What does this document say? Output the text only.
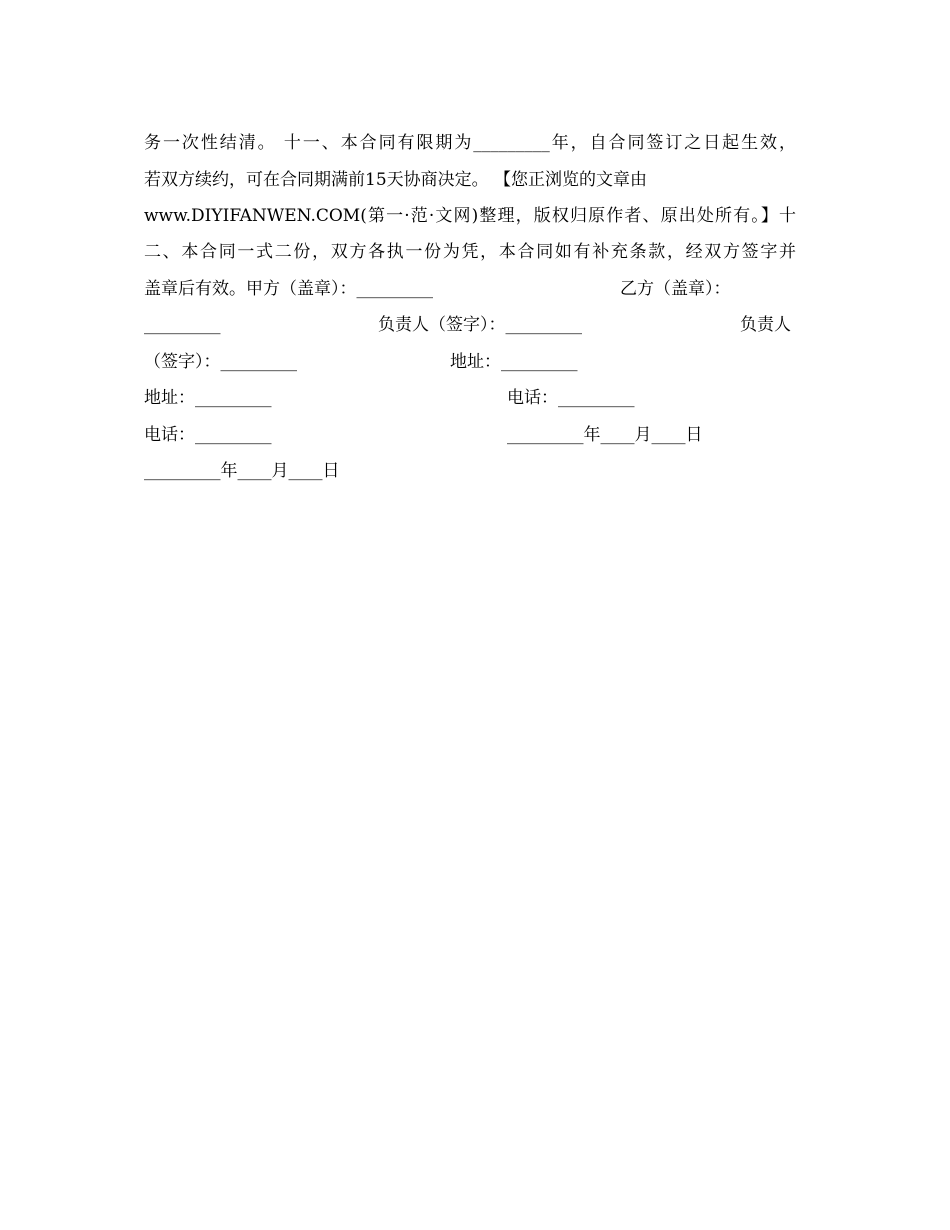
务一次性结清。 十一、本合同有限期为_________年，自合同签订之日起生效，
若双方续约，可在合同期满前15天协商决定。 【您正浏览的文章由
www.DIYIFANWEN.COM(第一·范·文网)整理，版权归原作者、原出处所有。】十
二、本合同一式二份，双方各执一份为凭，本合同如有补充条款，经双方签字并
盖章后有效。甲方（盖章）：_________	乙方（盖章）：
_________	负责人（签字）：_________	负责人
（签字）：_________	地址：_________
地址：_________	电话：_________
电话：_________	_________年____月____日
_________年____月____日
